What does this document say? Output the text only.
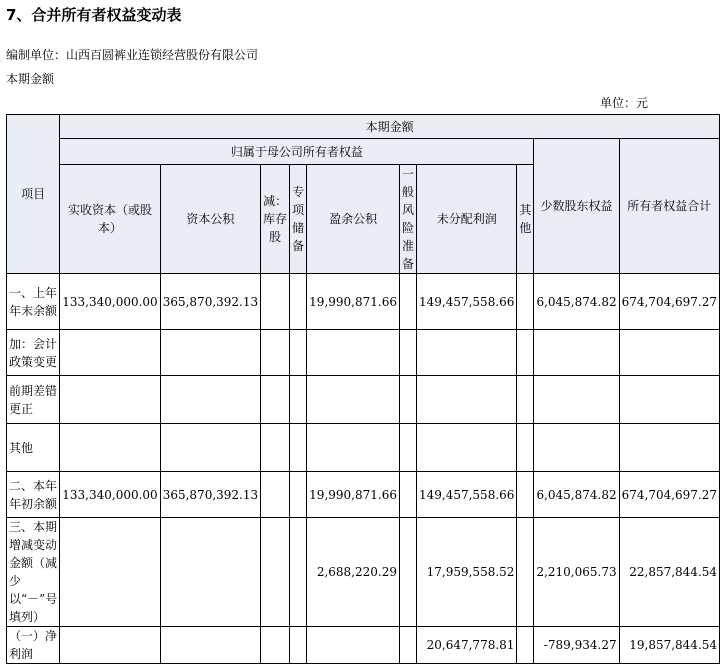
7、合并所有者权益变动表
编制单位：山西百圆裤业连锁经营股份有限公司
本期金额
单位：元
项目	本期金额									
	归属于母公司所有者权益								少数股东权益	所有者权益合计
	实收资本（或股本）	资本公积	减：库存股	专项储备	盈余公积	一般风险准备	未分配利润	其他		
一、上年年末余额	133,340,000.00	365,870,392.13			19,990,871.66		149,457,558.66		6,045,874.82	674,704,697.27
加：会计政策变更										
前期差错更正										
其他										
二、本年年初余额	133,340,000.00	365,870,392.13			19,990,871.66		149,457,558.66		6,045,874.82	674,704,697.27
三、本期增减变动金额（减少以“－”号填列）					2,688,220.29		17,959,558.52		2,210,065.73	22,857,844.54
（一）净利润							20,647,778.81		-789,934.27	19,857,844.54
